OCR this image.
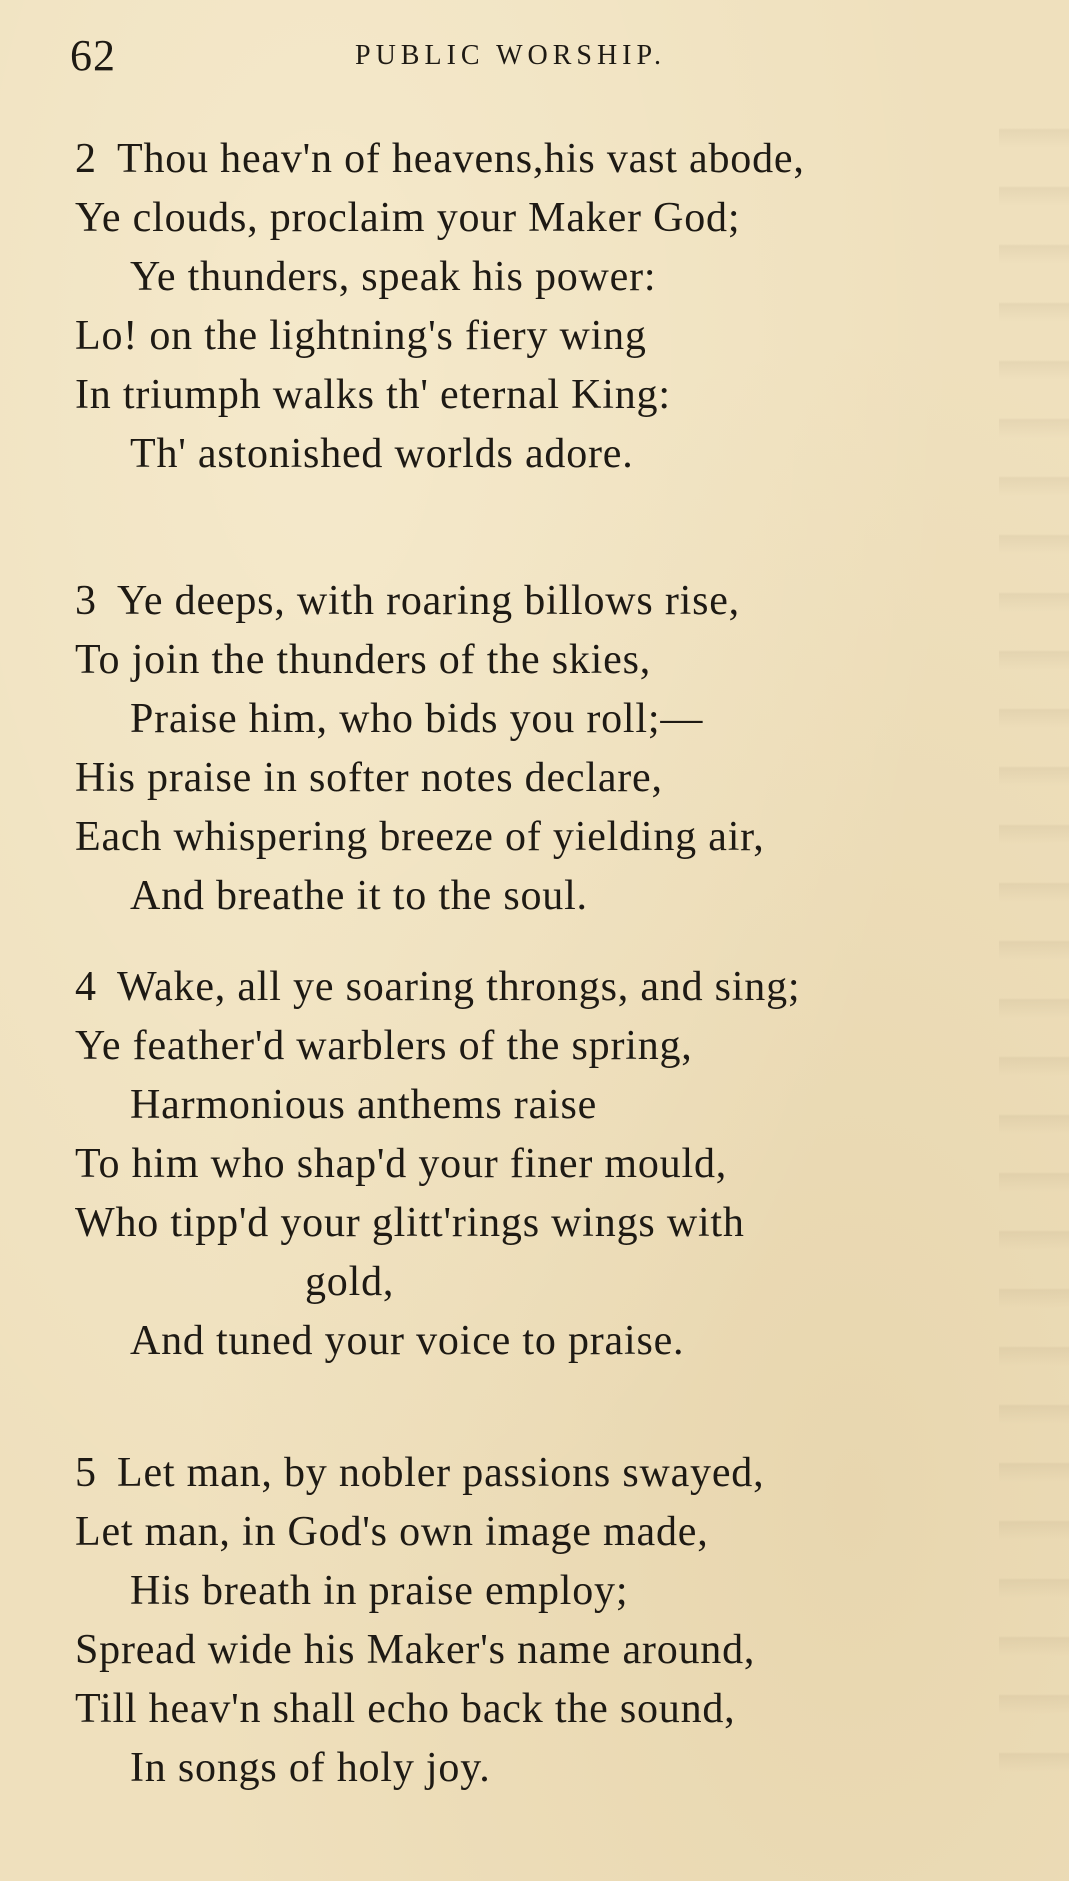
62	PUBLIC WORSHIP.
2 Thou heav'n of heavens,his vast abode,
Ye clouds, proclaim your Maker God;
Ye thunders, speak his power:
Lo! on the lightning's fiery wing
In triumph walks th' eternal King:
Th' astonished worlds adore.
3 Ye deeps, with roaring billows rise,
To join the thunders of the skies,
Praise him, who bids you roll;—
His praise in softer notes declare,
Each whispering breeze of yielding air,
And breathe it to the soul.
4 Wake, all ye soaring throngs, and sing;
Ye feather'd warblers of the spring,
Harmonious anthems raise
To him who shap'd your finer mould,
Who tipp'd your glitt'rings wings with
gold,
And tuned your voice to praise.
5 Let man, by nobler passions swayed,
Let man, in God's own image made,
His breath in praise employ;
Spread wide his Maker's name around,
Till heav'n shall echo back the sound,
In songs of holy joy.
